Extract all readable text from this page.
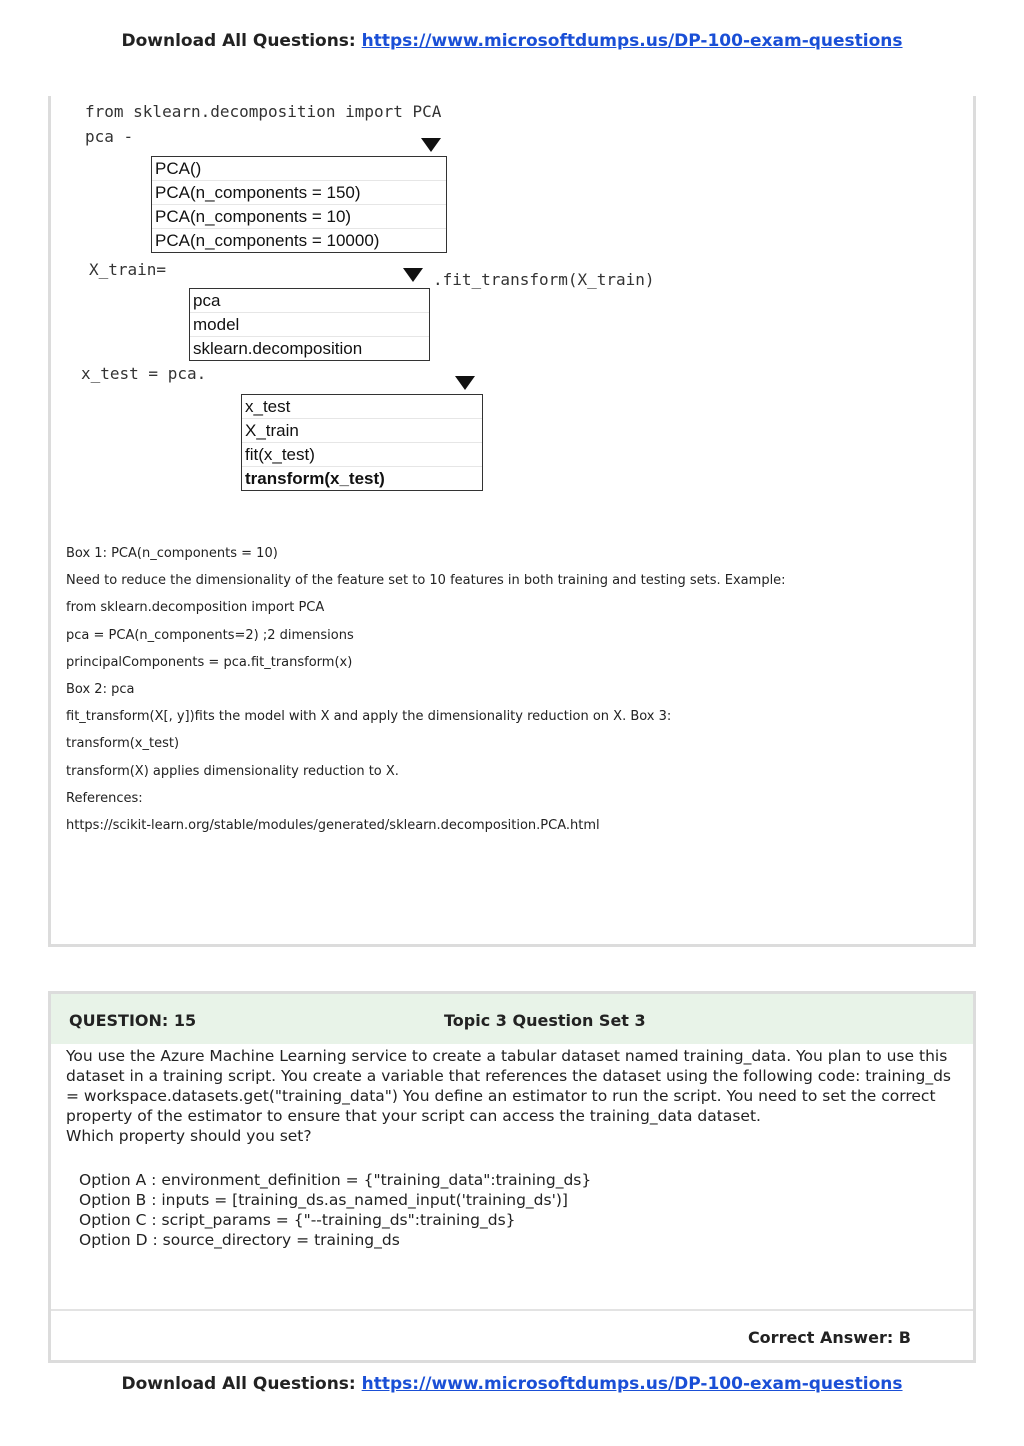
Download All Questions: https://www.microsoftdumps.us/DP-100-exam-questions
from sklearn.decomposition import PCA
pca -
PCA()
PCA(n_components = 150)
PCA(n_components = 10)
PCA(n_components = 10000)
X_train=
.fit_transform(X_train)
pca
model
sklearn.decomposition
x_test = pca.
x_test
X_train
fit(x_test)
transform(x_test)
Box 1: PCA(n_components = 10)
Need to reduce the dimensionality of the feature set to 10 features in both training and testing sets. Example:
from sklearn.decomposition import PCA
pca = PCA(n_components=2) ;2 dimensions
principalComponents = pca.fit_transform(x)
Box 2: pca
fit_transform(X[, y])fits the model with X and apply the dimensionality reduction on X. Box 3:
transform(x_test)
transform(X) applies dimensionality reduction to X.
References:
https://scikit-learn.org/stable/modules/generated/sklearn.decomposition.PCA.html
QUESTION: 15	Topic 3 Question Set 3
You use the Azure Machine Learning service to create a tabular dataset named training_data. You plan to use this dataset in a training script. You create a variable that references the dataset using the following code: training_ds = workspace.datasets.get("training_data") You define an estimator to run the script. You need to set the correct property of the estimator to ensure that your script can access the training_data dataset.
Which property should you set?
Option A : environment_definition = {"training_data":training_ds}
Option B : inputs = [training_ds.as_named_input('training_ds')]
Option C : script_params = {"--training_ds":training_ds}
Option D : source_directory = training_ds
Correct Answer: B
Download All Questions: https://www.microsoftdumps.us/DP-100-exam-questions
